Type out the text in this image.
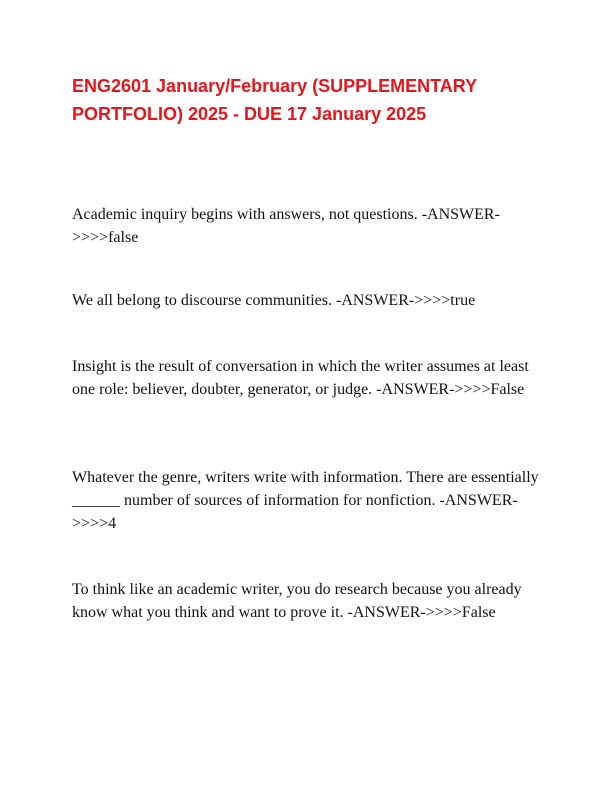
ENG2601 January/February (SUPPLEMENTARY PORTFOLIO) 2025 - DUE 17 January 2025

Academic inquiry begins with answers, not questions. -ANSWER->>>>false

We all belong to discourse communities. -ANSWER->>>>true

Insight is the result of conversation in which the writer assumes at least one role: believer, doubter, generator, or judge. -ANSWER->>>>False

Whatever the genre, writers write with information. There are essentially ______ number of sources of information for nonfiction. -ANSWER->>>>4

To think like an academic writer, you do research because you already know what you think and want to prove it. -ANSWER->>>>False
